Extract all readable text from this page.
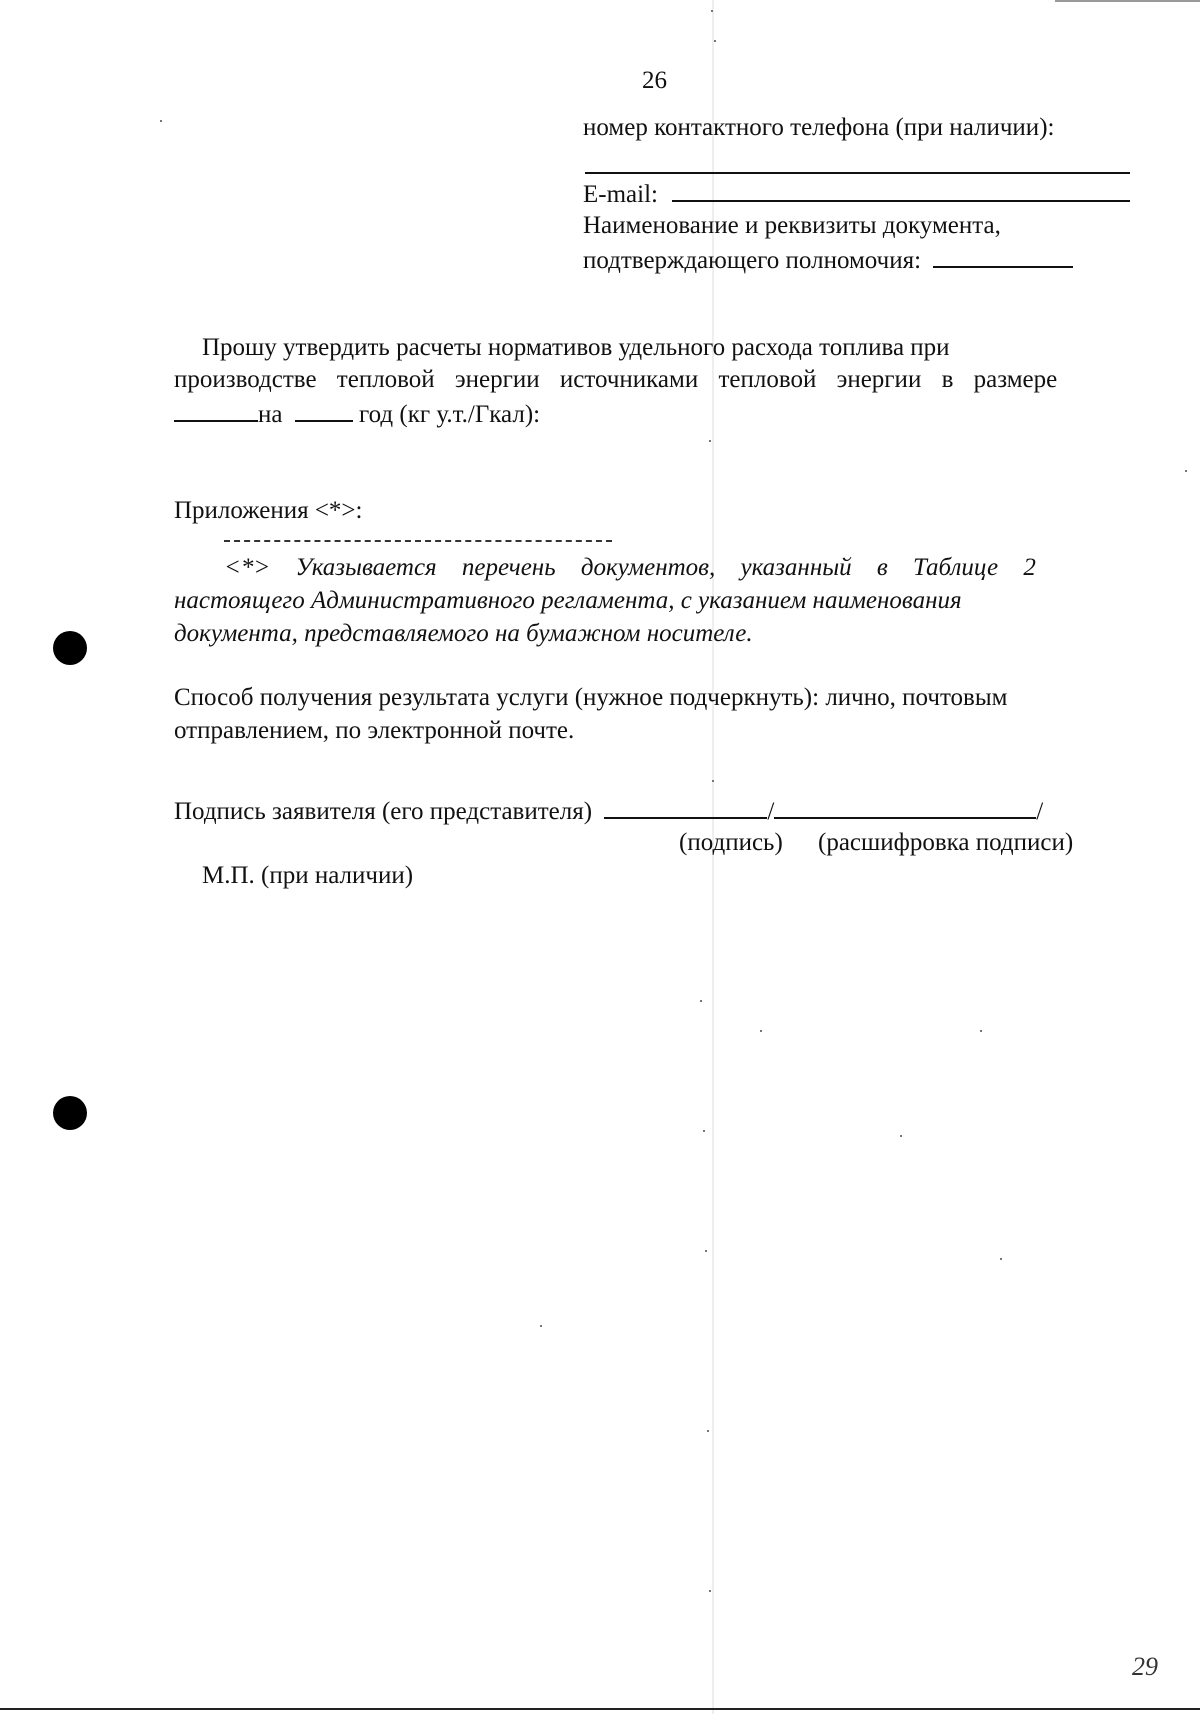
26
номер контактного телефона (при наличии):
E-mail:
Наименование и реквизиты документа,
подтверждающего полномочия:
Прошу утвердить расчеты нормативов удельного расхода топлива при
производстве тепловой энергии источниками тепловой энергии в размере
на	год (кг у.т./Гкал):
Приложения <*>:
<*> Указывается перечень документов, указанный в Таблице 2
настоящего Административного регламента, с указанием наименования
документа, представляемого на бумажном носителе.
Способ получения результата услуги (нужное подчеркнуть): лично, почтовым
отправлением, по электронной почте.
Подпись заявителя (его представителя)	/	/
(подпись) (расшифровка подписи)
М.П. (при наличии)
29
